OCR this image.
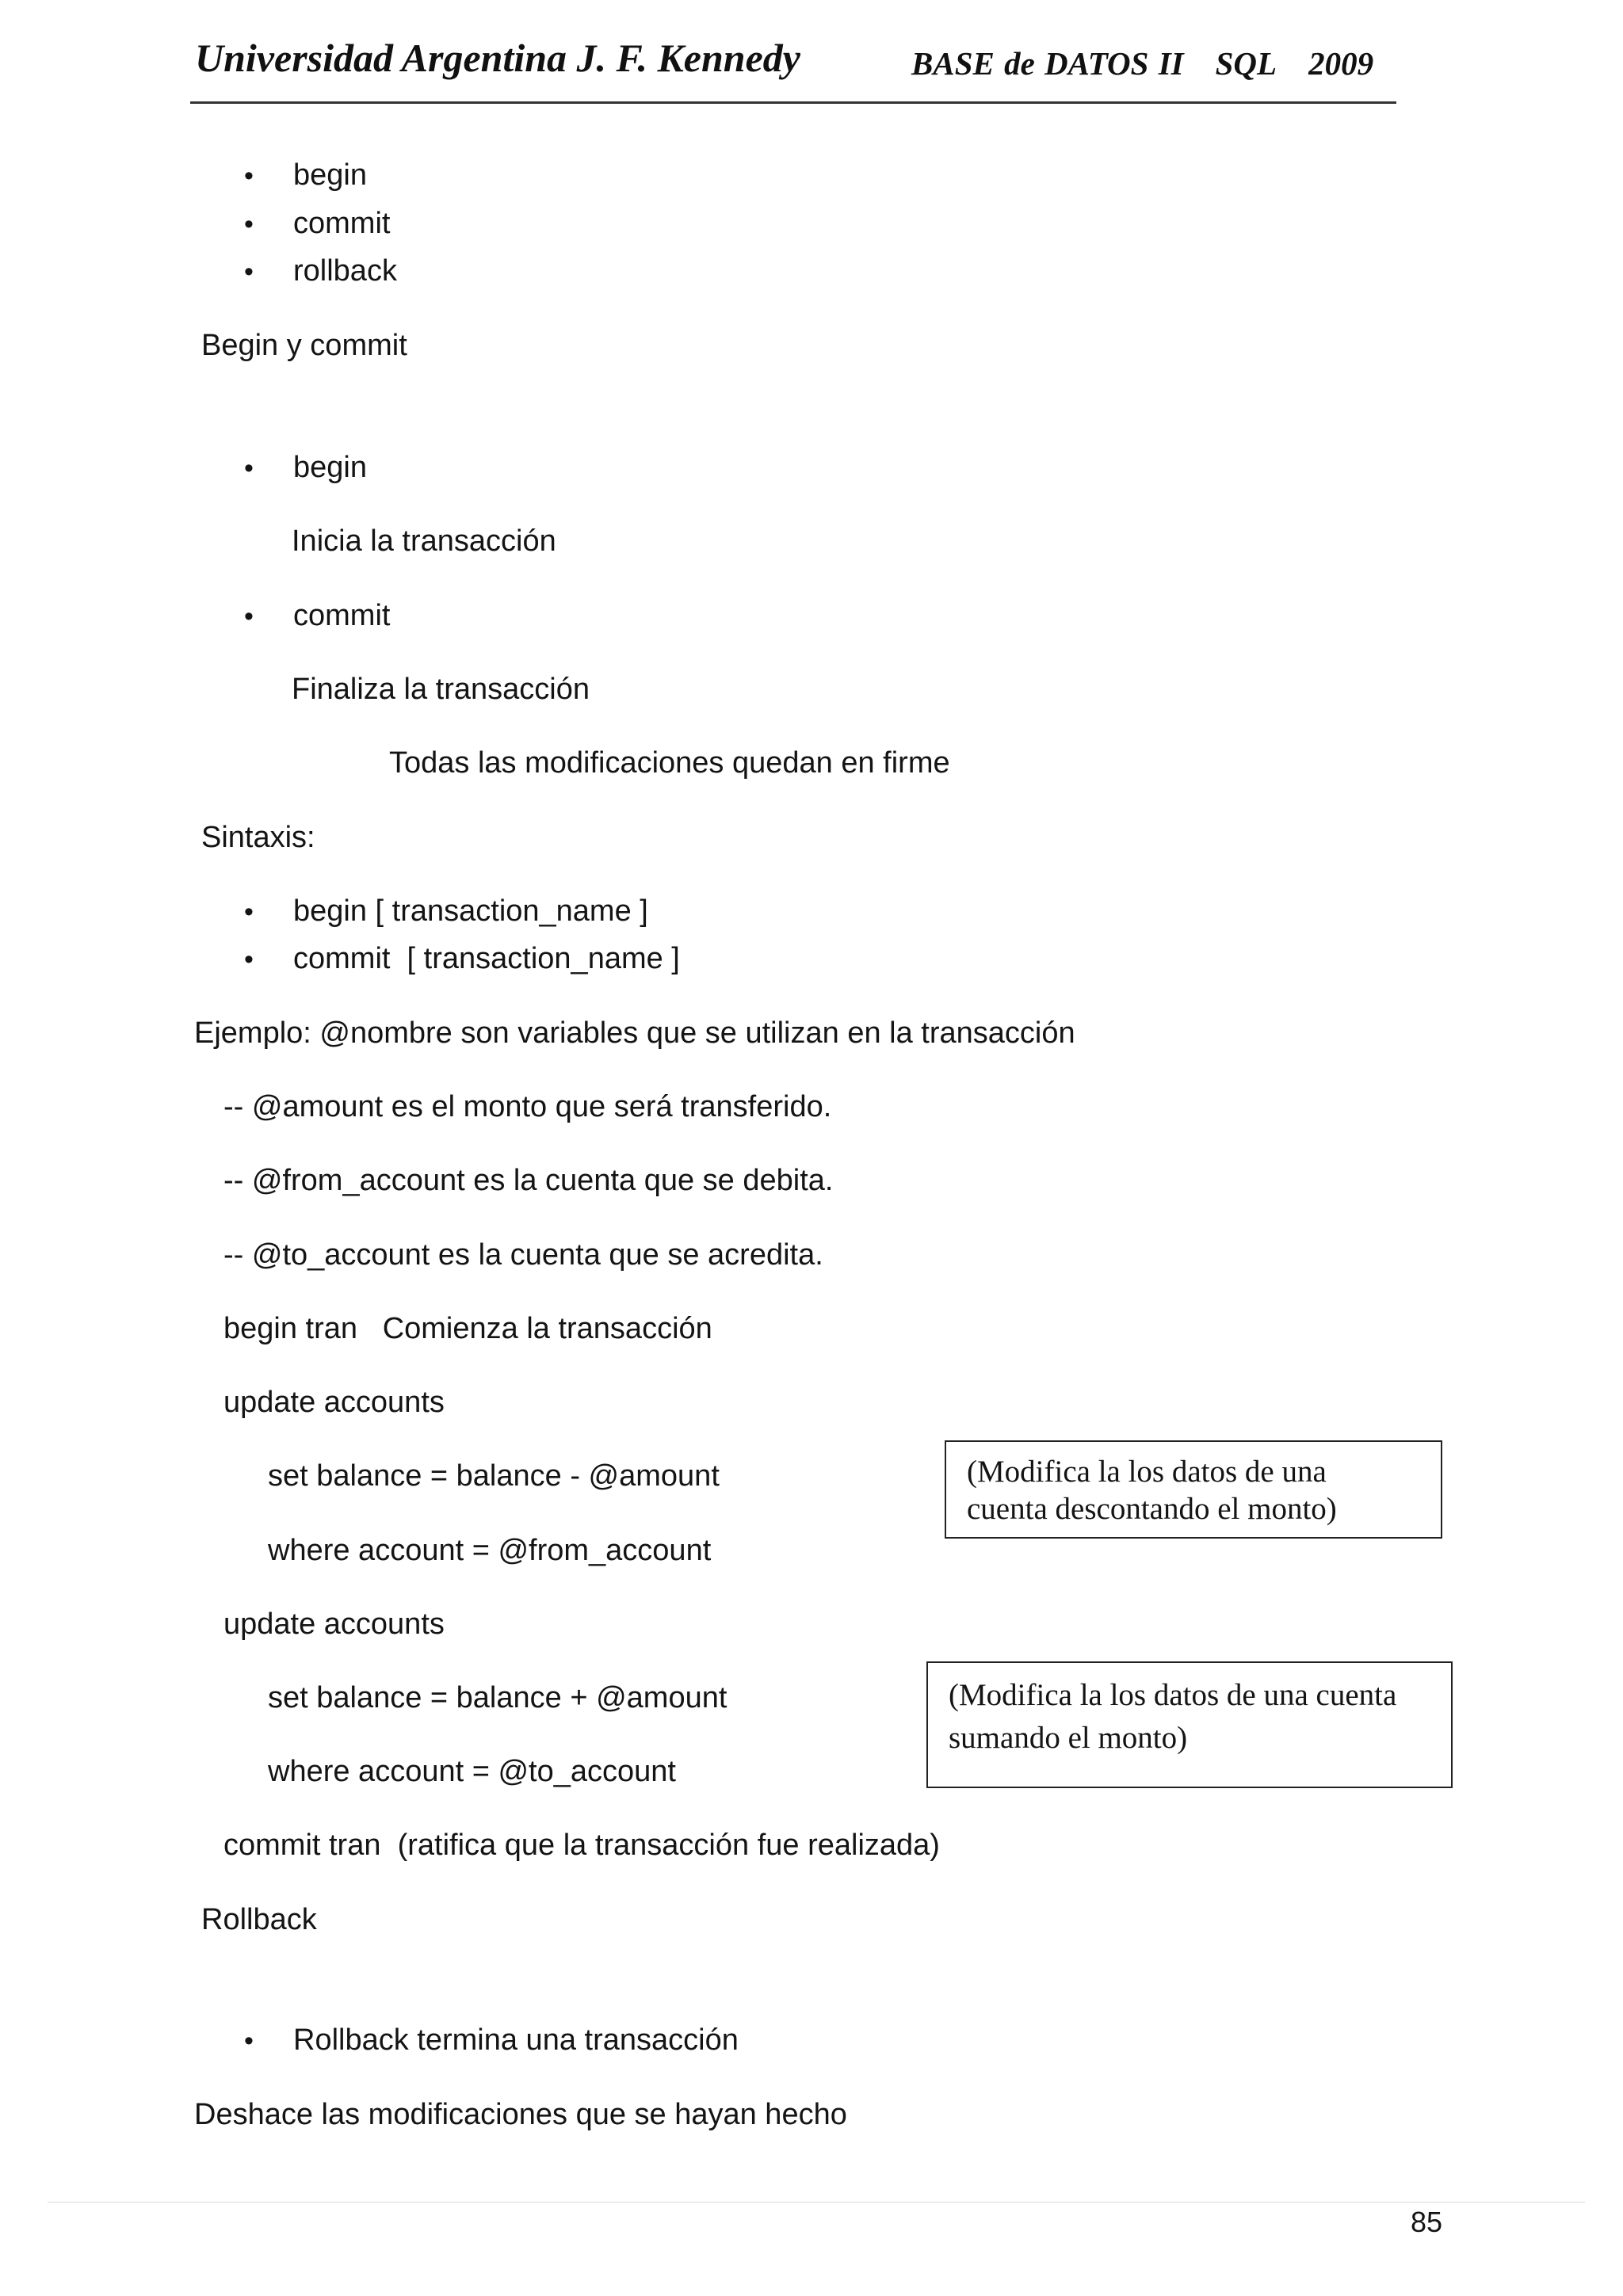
Universidad Argentina J. F. Kennedy	BASE de DATOS II SQL 2009
• begin
• commit
• rollback
Begin y commit
• begin
Inicia la transacción
• commit
Finaliza la transacción
Todas las modificaciones quedan en firme
Sintaxis:
• begin [ transaction_name ]
• commit  [ transaction_name ]
Ejemplo: @nombre son variables que se utilizan en la transacción
-- @amount es el monto que será transferido.
-- @from_account es la cuenta que se debita.
-- @to_account es la cuenta que se acredita.
begin tran   Comienza la transacción
update accounts
set balance = balance - @amount
where account = @from_account
update accounts
set balance = balance + @amount
where account = @to_account
commit tran  (ratifica que la transacción fue realizada)
(Modifica la los datos de una
cuenta descontando el monto)
(Modifica la los datos de una cuenta
sumando el monto)
Rollback
• Rollback termina una transacción
Deshace las modificaciones que se hayan hecho
85
